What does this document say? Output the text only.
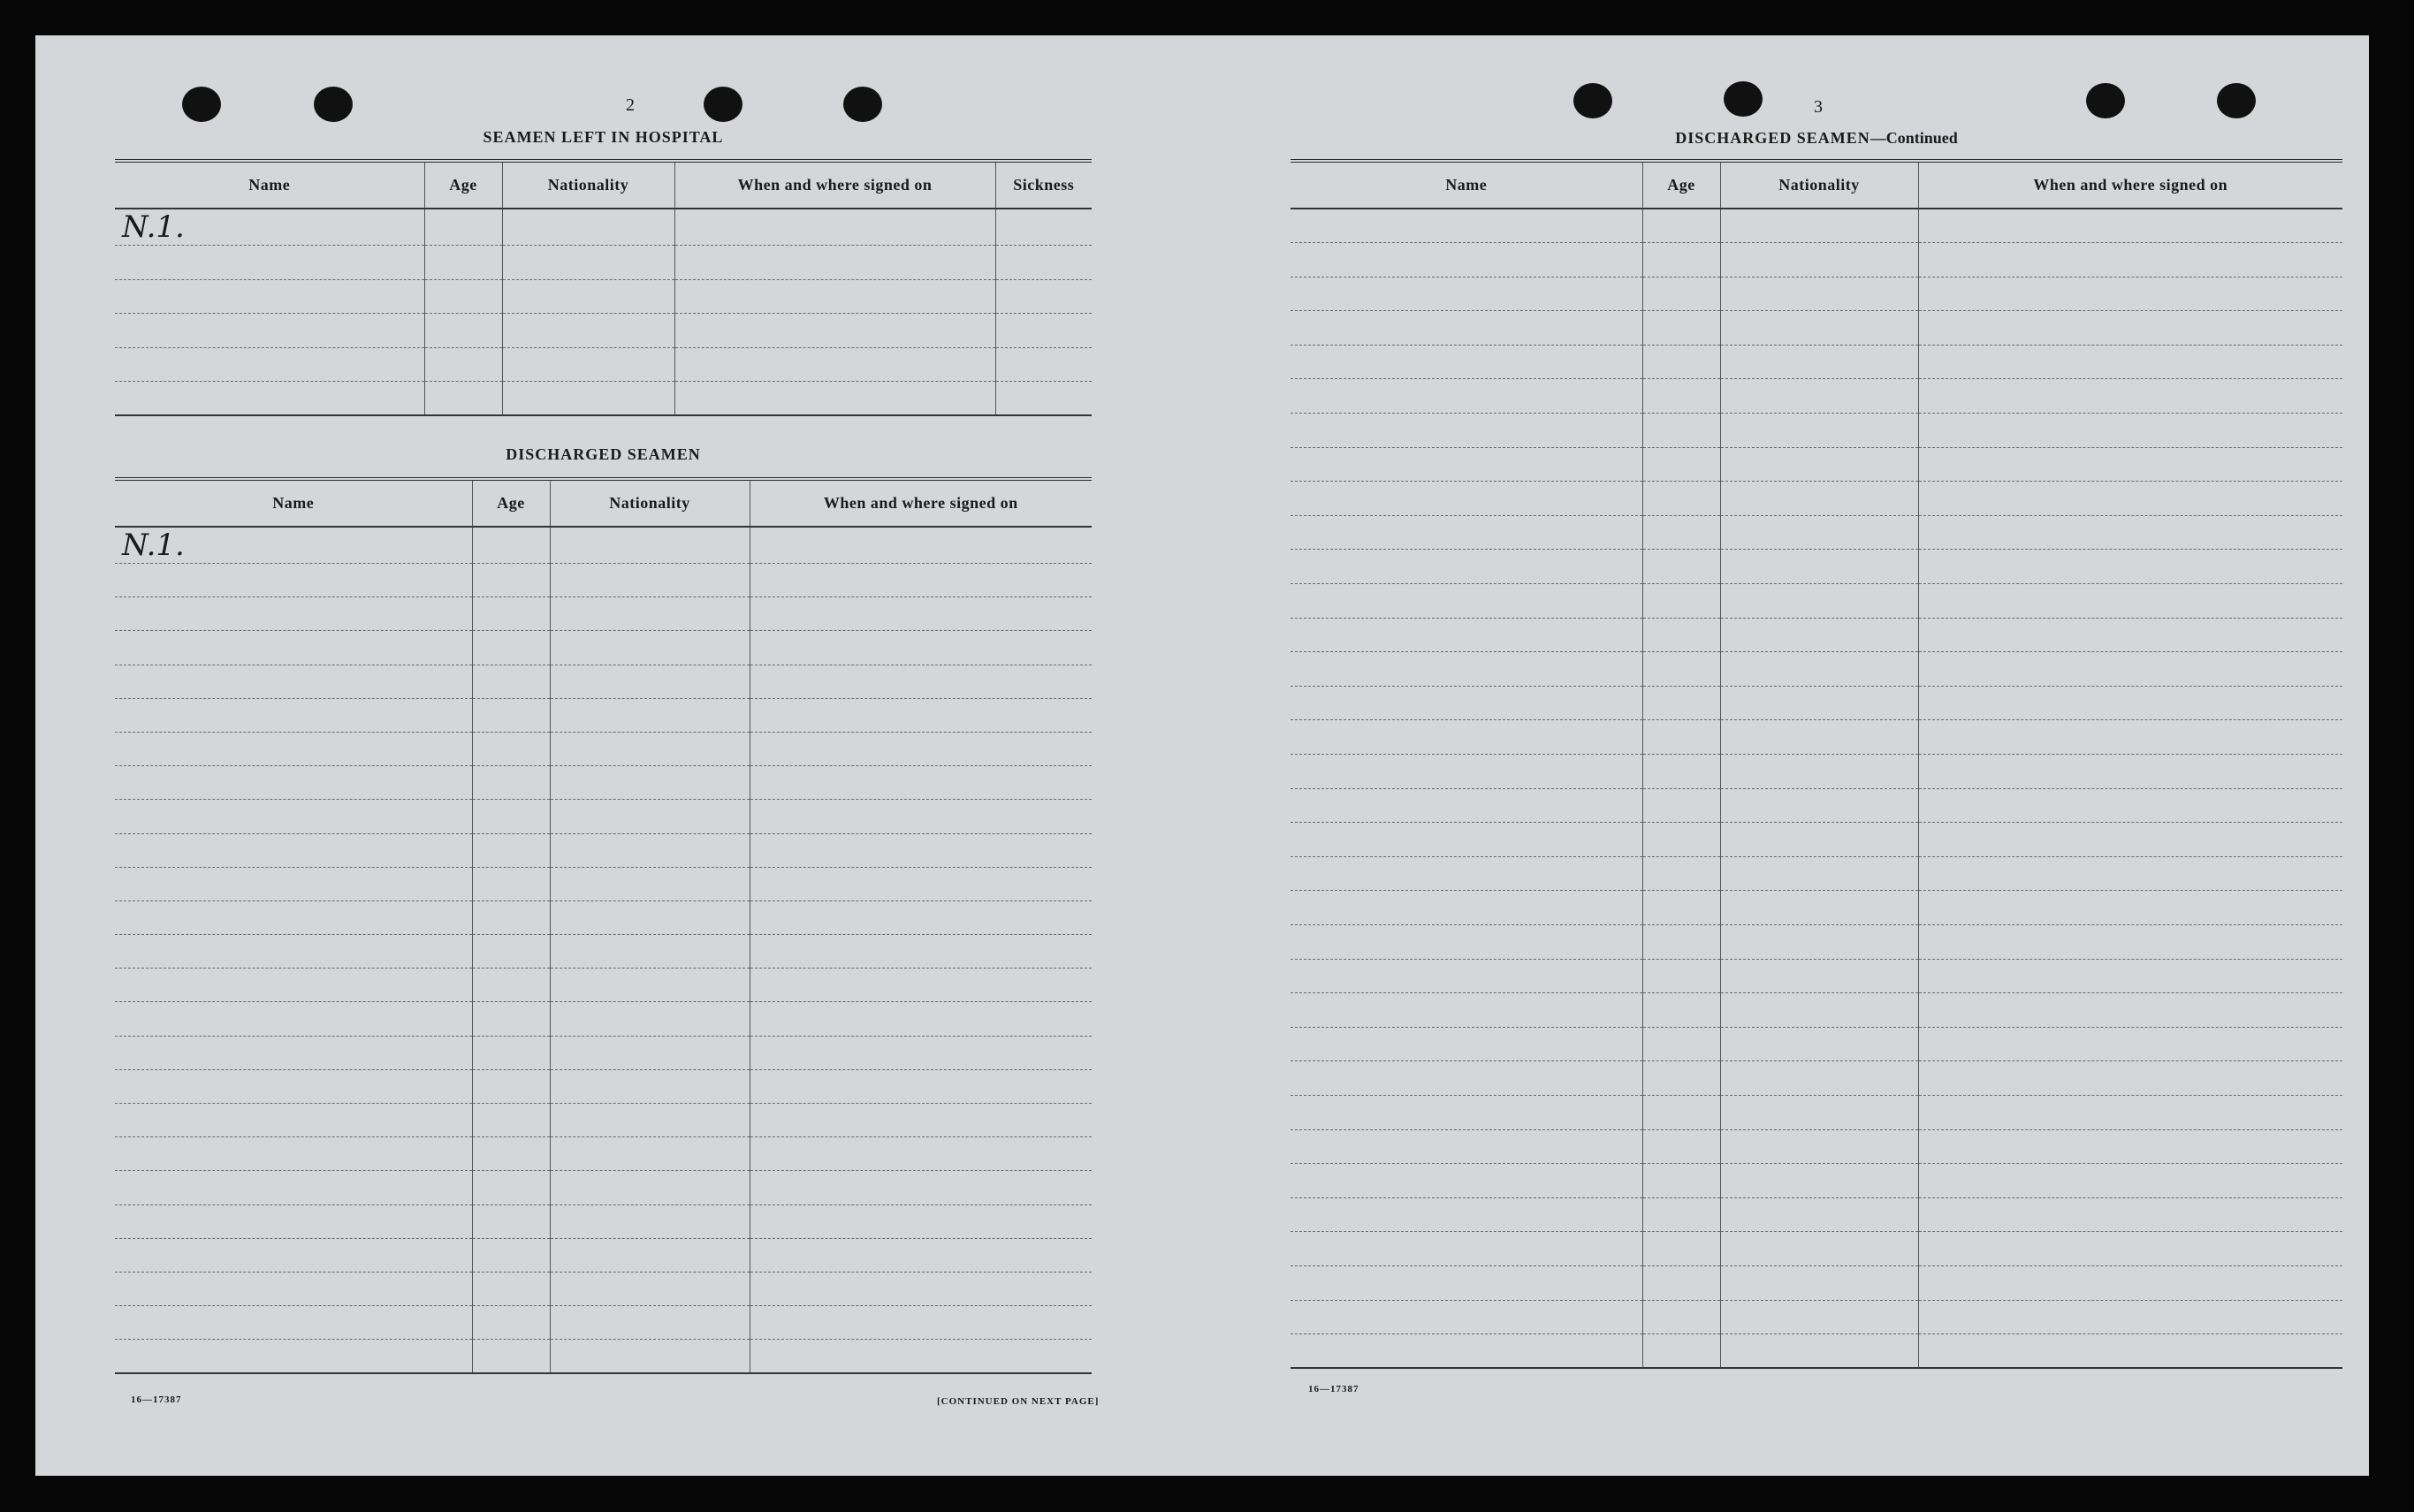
2
SEAMEN LEFT IN HOSPITAL
Name	Age	Nationality	When and where signed on	Sickness
N.1.				

DISCHARGED SEAMEN
Name	Age	Nationality	When and where signed on
N.1.			

16—17387	[CONTINUED ON NEXT PAGE]
3
DISCHARGED SEAMEN—Continued
Name	Age	Nationality	When and where signed on

16—17387
